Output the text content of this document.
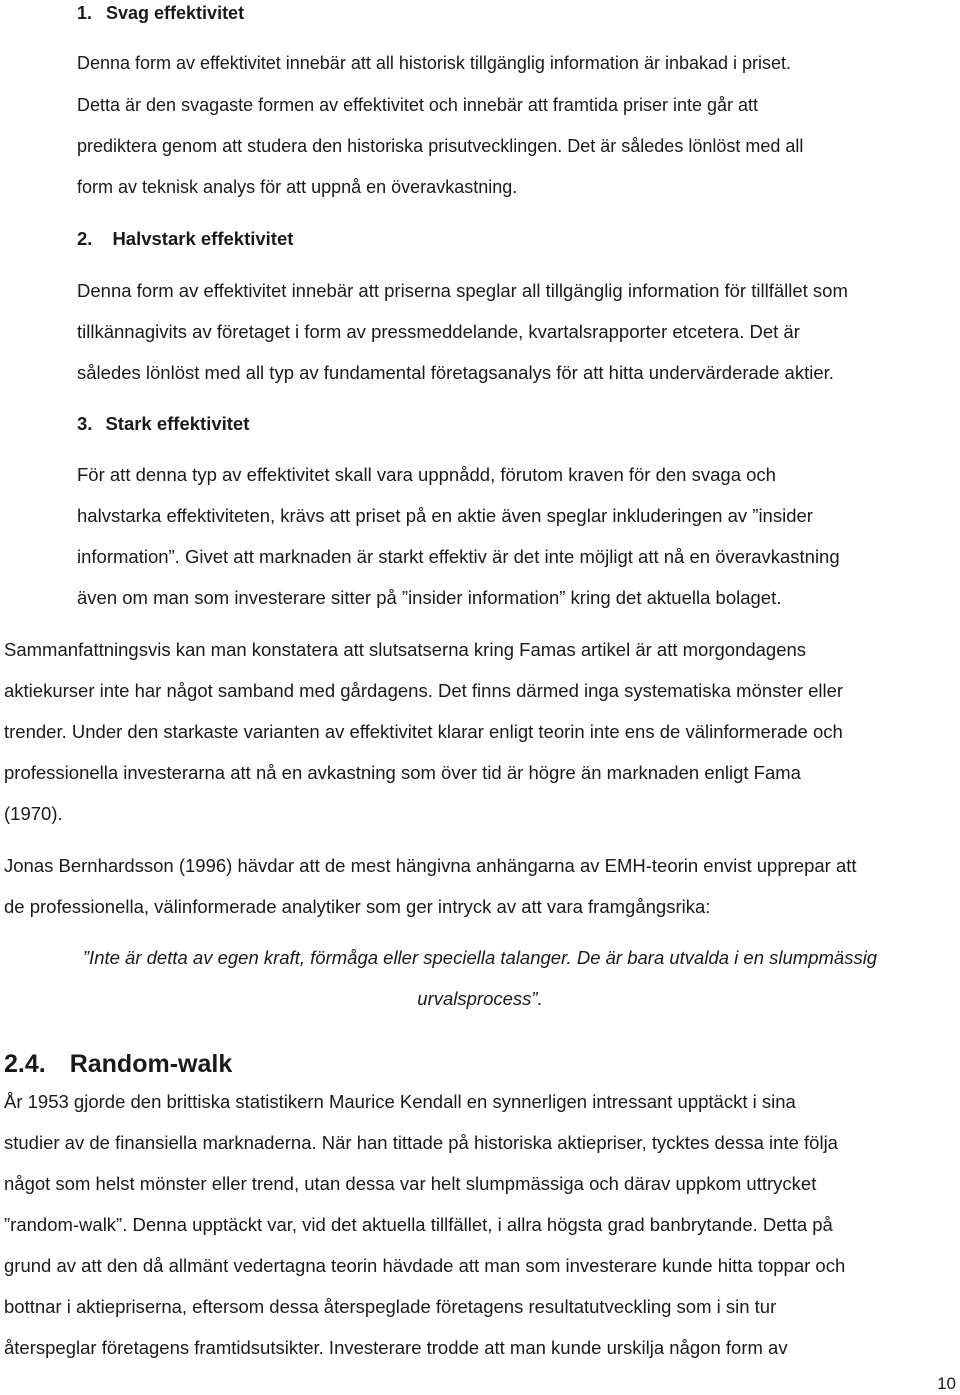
1. Svag effektivitet
Denna form av effektivitet innebär att all historisk tillgänglig information är inbakad i priset.
Detta är den svagaste formen av effektivitet och innebär att framtida priser inte går att
prediktera genom att studera den historiska prisutvecklingen. Det är således lönlöst med all
form av teknisk analys för att uppnå en överavkastning.
2. Halvstark effektivitet
Denna form av effektivitet innebär att priserna speglar all tillgänglig information för tillfället som
tillkännagivits av företaget i form av pressmeddelande, kvartalsrapporter etcetera. Det är
således lönlöst med all typ av fundamental företagsanalys för att hitta undervärderade aktier.
3. Stark effektivitet
För att denna typ av effektivitet skall vara uppnådd, förutom kraven för den svaga och
halvstarka effektiviteten, krävs att priset på en aktie även speglar inkluderingen av ”insider
information”. Givet att marknaden är starkt effektiv är det inte möjligt att nå en överavkastning
även om man som investerare sitter på ”insider information” kring det aktuella bolaget.
Sammanfattningsvis kan man konstatera att slutsatserna kring Famas artikel är att morgondagens
aktiekurser inte har något samband med gårdagens. Det finns därmed inga systematiska mönster eller
trender. Under den starkaste varianten av effektivitet klarar enligt teorin inte ens de välinformerade och
professionella investerarna att nå en avkastning som över tid är högre än marknaden enligt Fama
(1970).
Jonas Bernhardsson (1996) hävdar att de mest hängivna anhängarna av EMH-teorin envist upprepar att
de professionella, välinformerade analytiker som ger intryck av att vara framgångsrika:
”Inte är detta av egen kraft, förmåga eller speciella talanger. De är bara utvalda i en slumpmässig
urvalsprocess”.
2.4. Random-walk
År 1953 gjorde den brittiska statistikern Maurice Kendall en synnerligen intressant upptäckt i sina
studier av de finansiella marknaderna. När han tittade på historiska aktiepriser, tycktes dessa inte följa
något som helst mönster eller trend, utan dessa var helt slumpmässiga och därav uppkom uttrycket
”random-walk”. Denna upptäckt var, vid det aktuella tillfället, i allra högsta grad banbrytande. Detta på
grund av att den då allmänt vedertagna teorin hävdade att man som investerare kunde hitta toppar och
bottnar i aktiepriserna, eftersom dessa återspeglade företagens resultatutveckling som i sin tur
återspeglar företagens framtidsutsikter. Investerare trodde att man kunde urskilja någon form av
10
